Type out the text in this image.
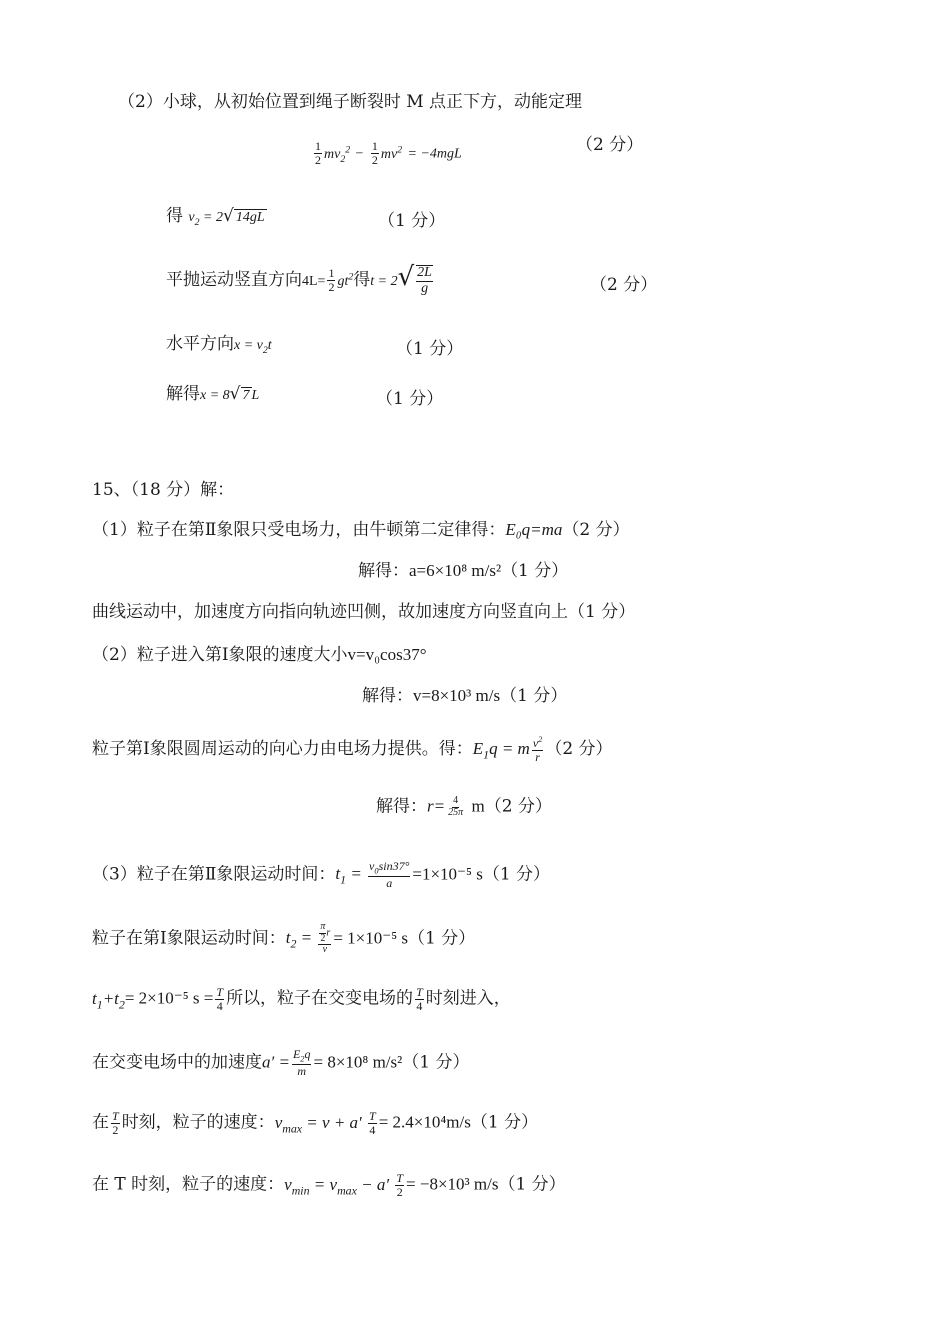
（2）小球，从初始位置到绳子断裂时 M 点正下方，动能定理
$\frac{1}{2} mv_2^2 - \frac{1}{2} mv^2 = -4mgL$	（2 分）
得 $v_2 = 2√$ 14gL	（1 分）
平抛运动竖直方向$4L= \frac{1}{2} gt^2$得$t = 2√ \frac{2L}{g}$	（2 分）
水平方向$x = v_2t$	（1 分）
解得x = 8√ 7 L	（1 分）
15、（18 分）解：
（1）粒子在第Ⅱ象限只受电场力，由牛顿第二定律得：E₀q=ma（2 分）
解得：a=6×10⁸ m/s²（1 分）
曲线运动中，加速度方向指向轨迹凹侧，故加速度方向竖直向上（1 分）
（2）粒子进入第Ⅰ象限的速度大小v=v₀cos37°
解得：v=8×10³ m/s（1 分）
粒子第Ⅰ象限圆周运动的向心力由电场力提供。得：$E_1q = m \frac{v^2}{r} (2$ 分）
解得：$r= \frac{4}{25\pi} m(2$ 分）
（3）粒子在第Ⅱ象限运动时间：$t_1 = \frac{v_0\sin 37^\circ}{a} =1\times 10^{-5}$ s（1 分）
粒子在第Ⅰ象限运动时间：$t_2 = \frac{\frac{\pi}{2} r}{v} = 1\times 10^{-5}$ s（1 分）
$t_1+t_2= 2\times 10^{-5}$ $s = \frac{T}{4}$ 所以，粒子在交变电场的 $\frac{T}{4}$ 时刻进入，
在交变电场中的加速度$a' = \frac{E_2q}{m} = 8\times 10^8$ m/s²（1 分）
在 $\frac{T}{2}$ 时刻，粒子的速度：$v_{max} = v + a' \frac{T}{4} = 2.4\times 10^4m/s(1$ 分）
在 T 时刻，粒子的速度：$v_{min} = v_{max} - a' \frac{T}{2} = -8\times 10^3$ m/s（1 分）
